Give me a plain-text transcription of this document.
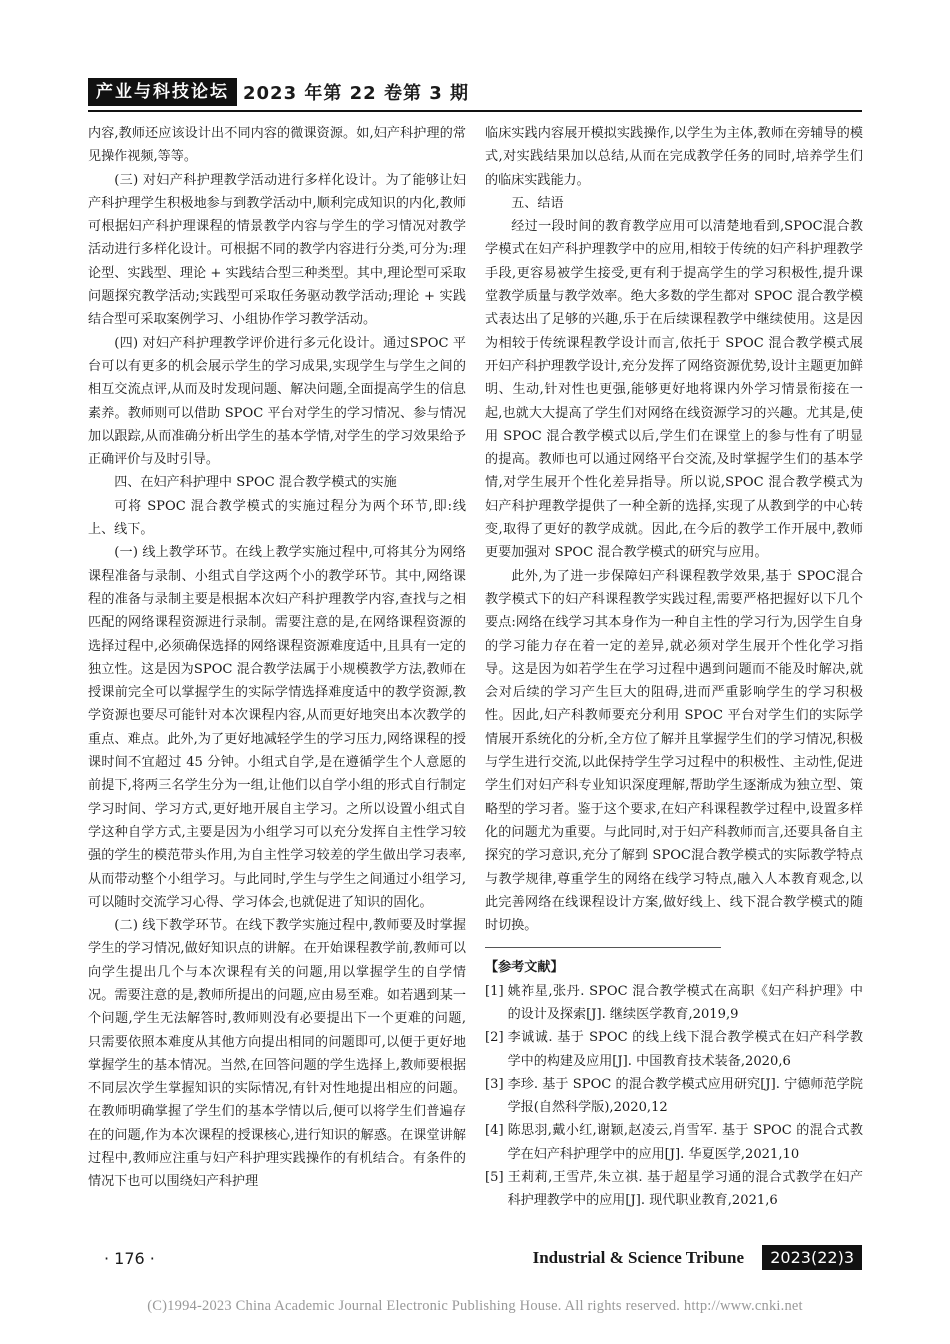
产业与科技论坛 2023 年第 22 卷第 3 期

内容,教师还应该设计出不同内容的微课资源。如,妇产科护理的常见操作视频,等等。

(三) 对妇产科护理教学活动进行多样化设计。为了能够让妇产科护理学生积极地参与到教学活动中,顺利完成知识的内化,教师可根据妇产科护理课程的情景教学内容与学生的学习情况对教学活动进行多样化设计。可根据不同的教学内容进行分类,可分为:理论型、实践型、理论 + 实践结合型三种类型。其中,理论型可采取问题探究教学活动;实践型可采取任务驱动教学活动;理论 + 实践结合型可采取案例学习、小组协作学习教学活动。

(四) 对妇产科护理教学评价进行多元化设计。通过SPOC 平台可以有更多的机会展示学生的学习成果,实现学生与学生之间的相互交流点评,从而及时发现问题、解决问题,全面提高学生的信息素养。教师则可以借助 SPOC 平台对学生的学习情况、参与情况加以跟踪,从而准确分析出学生的基本学情,对学生的学习效果给予正确评价与及时引导。

四、在妇产科护理中 SPOC 混合教学模式的实施

可将 SPOC 混合教学模式的实施过程分为两个环节,即:线上、线下。

(一) 线上教学环节。在线上教学实施过程中,可将其分为网络课程准备与录制、小组式自学这两个小的教学环节。其中,网络课程的准备与录制主要是根据本次妇产科护理教学内容,查找与之相匹配的网络课程资源进行录制。需要注意的是,在网络课程资源的选择过程中,必须确保选择的网络课程资源难度适中,且具有一定的独立性。这是因为SPOC 混合教学法属于小规模教学方法,教师在授课前完全可以掌握学生的实际学情选择难度适中的教学资源,教学资源也要尽可能针对本次课程内容,从而更好地突出本次教学的重点、难点。此外,为了更好地减轻学生的学习压力,网络课程的授课时间不宜超过 45 分钟。小组式自学,是在遵循学生个人意愿的前提下,将两三名学生分为一组,让他们以自学小组的形式自行制定学习时间、学习方式,更好地开展自主学习。之所以设置小组式自学这种自学方式,主要是因为小组学习可以充分发挥自主性学习较强的学生的模范带头作用,为自主性学习较差的学生做出学习表率,从而带动整个小组学习。与此同时,学生与学生之间通过小组学习,可以随时交流学习心得、学习体会,也就促进了知识的固化。

(二) 线下教学环节。在线下教学实施过程中,教师要及时掌握学生的学习情况,做好知识点的讲解。在开始课程教学前,教师可以向学生提出几个与本次课程有关的问题,用以掌握学生的自学情况。需要注意的是,教师所提出的问题,应由易至难。如若遇到某一个问题,学生无法解答时,教师则没有必要提出下一个更难的问题,只需要依照本难度从其他方向提出相同的问题即可,以便于更好地掌握学生的基本情况。当然,在回答问题的学生选择上,教师要根据不同层次学生掌握知识的实际情况,有针对性地提出相应的问题。在教师明确掌握了学生们的基本学情以后,便可以将学生们普遍存在的问题,作为本次课程的授课核心,进行知识的解惑。在课堂讲解过程中,教师应注重与妇产科护理实践操作的有机结合。有条件的情况下也可以围绕妇产科护理

临床实践内容展开模拟实践操作,以学生为主体,教师在旁辅导的模式,对实践结果加以总结,从而在完成教学任务的同时,培养学生们的临床实践能力。

五、结语

经过一段时间的教育教学应用可以清楚地看到,SPOC混合教学模式在妇产科护理教学中的应用,相较于传统的妇产科护理教学手段,更容易被学生接受,更有利于提高学生的学习积极性,提升课堂教学质量与教学效率。绝大多数的学生都对 SPOC 混合教学模式表达出了足够的兴趣,乐于在后续课程教学中继续使用。这是因为相较于传统课程教学设计而言,依托于 SPOC 混合教学模式展开妇产科护理教学设计,充分发挥了网络资源优势,设计主题更加鲜明、生动,针对性也更强,能够更好地将课内外学习情景衔接在一起,也就大大提高了学生们对网络在线资源学习的兴趣。尤其是,使用 SPOC 混合教学模式以后,学生们在课堂上的参与性有了明显的提高。教师也可以通过网络平台交流,及时掌握学生们的基本学情,对学生展开个性化差异指导。所以说,SPOC 混合教学模式为妇产科护理教学提供了一种全新的选择,实现了从教到学的中心转变,取得了更好的教学成就。因此,在今后的教学工作开展中,教师更要加强对 SPOC 混合教学模式的研究与应用。

此外,为了进一步保障妇产科课程教学效果,基于 SPOC混合教学模式下的妇产科课程教学实践过程,需要严格把握好以下几个要点:网络在线学习其本身作为一种自主性的学习行为,因学生自身的学习能力存在着一定的差异,就必须对学生展开个性化学习指导。这是因为如若学生在学习过程中遇到问题而不能及时解决,就会对后续的学习产生巨大的阻碍,进而严重影响学生的学习积极性。因此,妇产科教师要充分利用 SPOC 平台对学生们的实际学情展开系统化的分析,全方位了解并且掌握学生们的学习情况,积极与学生进行交流,以此保持学生学习过程中的积极性、主动性,促进学生们对妇产科专业知识深度理解,帮助学生逐渐成为独立型、策略型的学习者。鉴于这个要求,在妇产科课程教学过程中,设置多样化的问题尤为重要。与此同时,对于妇产科教师而言,还要具备自主探究的学习意识,充分了解到 SPOC混合教学模式的实际教学特点与教学规律,尊重学生的网络在线学习特点,融入人本教育观念,以此完善网络在线课程设计方案,做好线上、线下混合教学模式的随时切换。

【参考文献】

[1] 姚祚星,张丹. SPOC 混合教学模式在高职《妇产科护理》中的设计及探索[J]. 继续医学教育,2019,9
[2] 李诚诚. 基于 SPOC 的线上线下混合教学模式在妇产科学教学中的构建及应用[J]. 中国教育技术装备,2020,6
[3] 李珍. 基于 SPOC 的混合教学模式应用研究[J]. 宁德师范学院学报(自然科学版),2020,12
[4] 陈思羽,戴小红,谢颖,赵凌云,肖雪军. 基于 SPOC 的混合式教学在妇产科护理学中的应用[J]. 华夏医学,2021,10
[5] 王莉莉,王雪芹,朱立祺. 基于超星学习通的混合式教学在妇产科护理教学中的应用[J]. 现代职业教育,2021,6
· 176 ·	Industrial & Science Tribune	2023(22)3
(C)1994-2023 China Academic Journal Electronic Publishing House. All rights reserved. http://www.cnki.net
